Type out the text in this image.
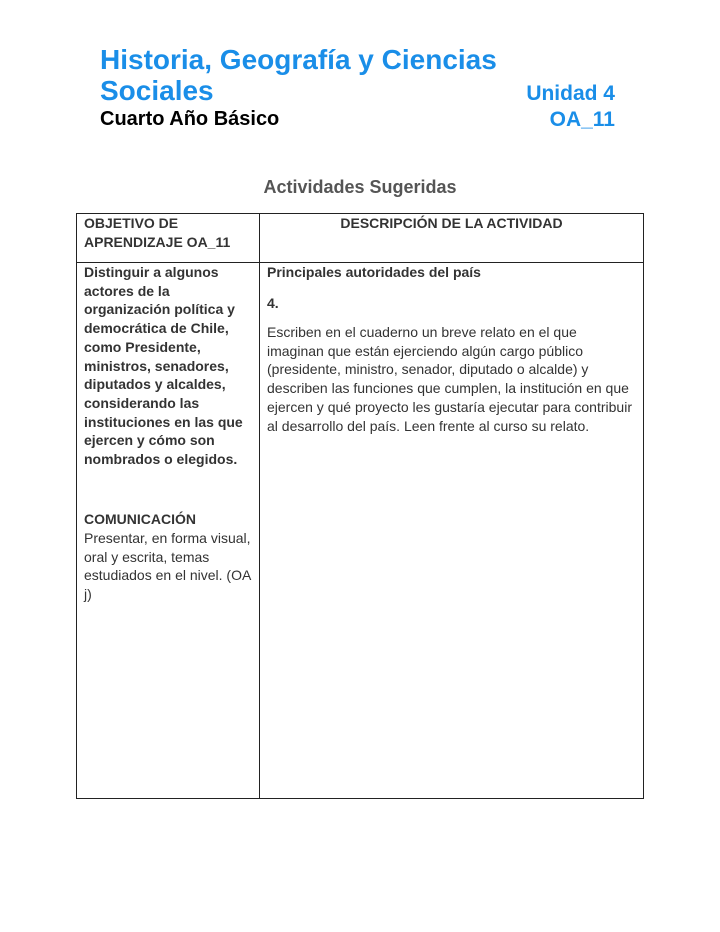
Historia, Geografía y Ciencias
Sociales
Cuarto Año Básico
Unidad 4
OA_11
Actividades Sugeridas
OBJETIVO DE
APRENDIZAJE OA_11
DESCRIPCIÓN DE LA ACTIVIDAD
Distinguir a algunos
actores de la
organización política y
democrática de Chile,
como Presidente,
ministros, senadores,
diputados y alcaldes,
considerando las
instituciones en las que
ejercen y cómo son
nombrados o elegidos.
COMUNICACIÓN
Presentar, en forma visual,
oral y escrita, temas
estudiados en el nivel. (OA
j)
Principales autoridades del país
4.
Escriben en el cuaderno un breve relato en el que
imaginan que están ejerciendo algún cargo público
(presidente, ministro, senador, diputado o alcalde) y
describen las funciones que cumplen, la institución en que
ejercen y qué proyecto les gustaría ejecutar para contribuir
al desarrollo del país. Leen frente al curso su relato.
